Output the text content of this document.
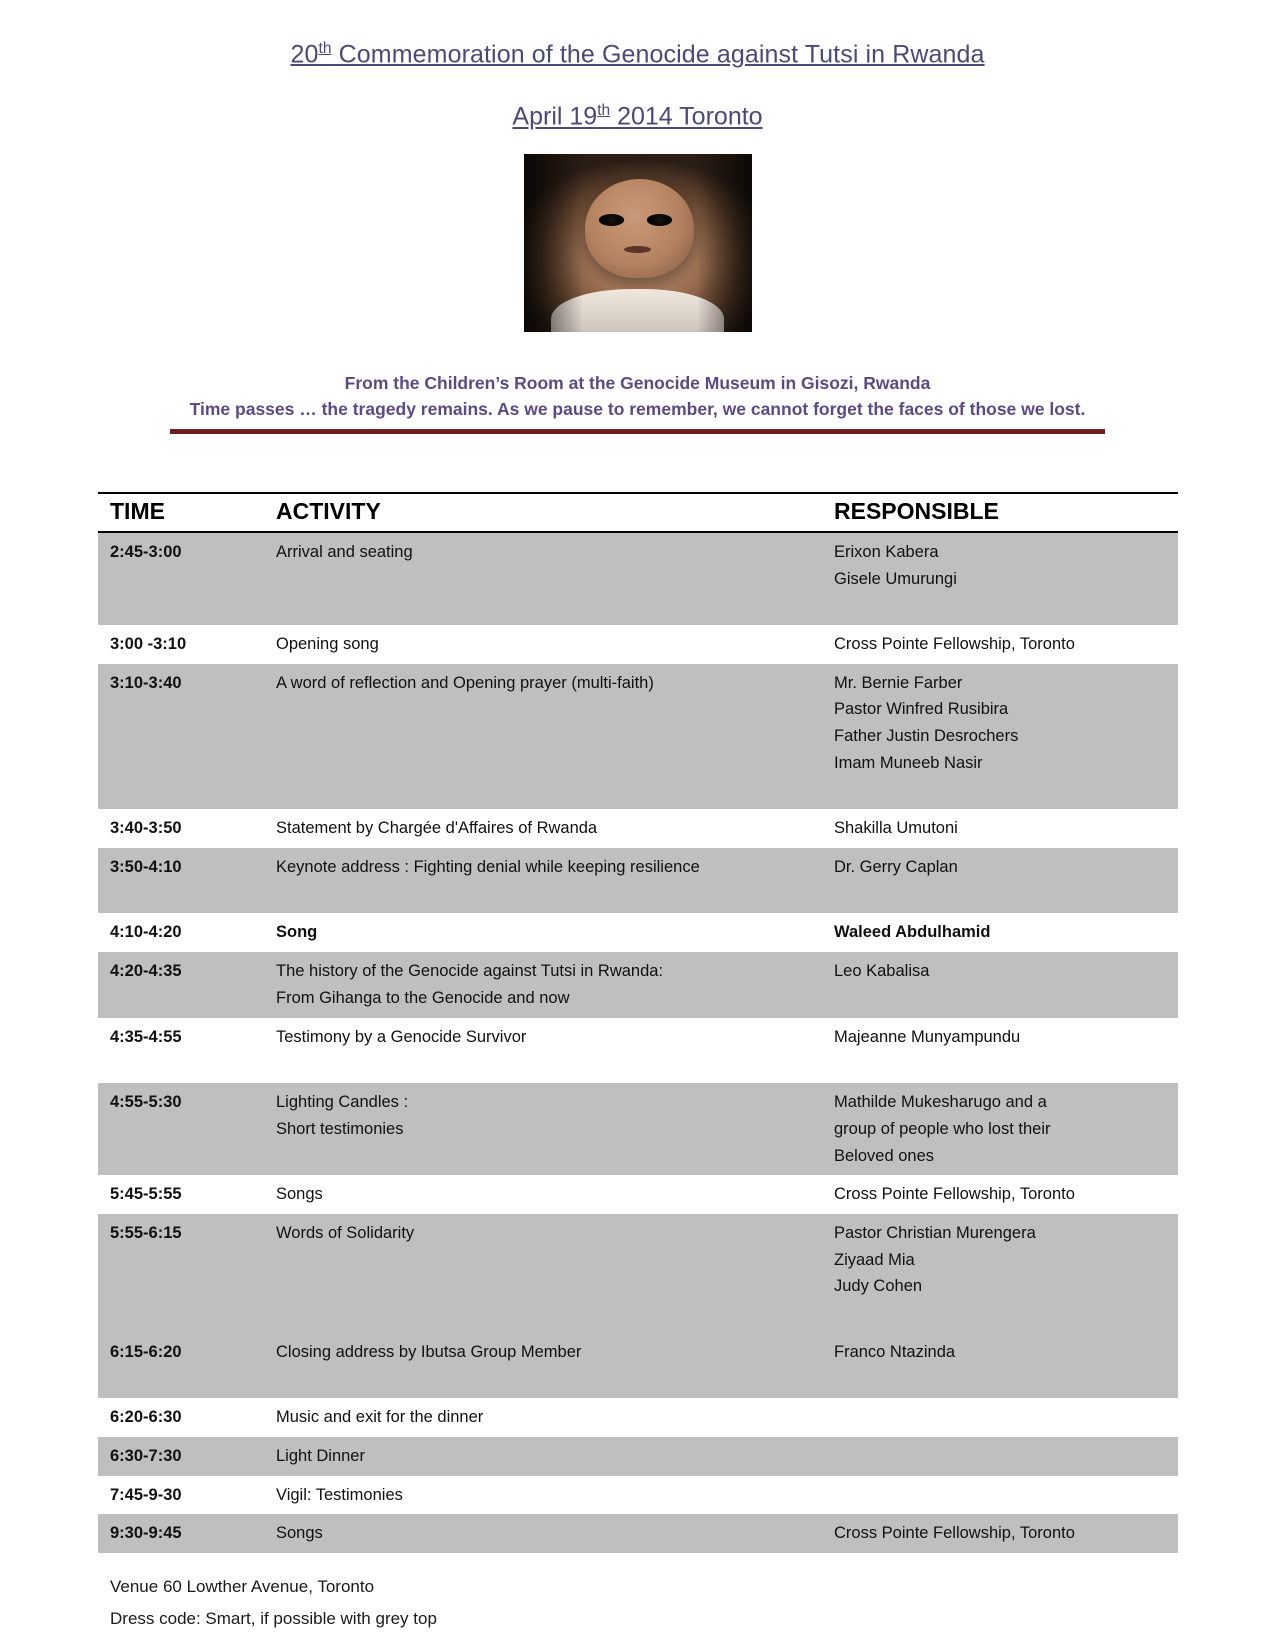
20th Commemoration of the Genocide against Tutsi in Rwanda
April 19th 2014 Toronto
From the Children’s Room at the Genocide Museum in Gisozi, Rwanda
Time passes … the tragedy remains. As we pause to remember, we cannot forget the faces of those we lost.
TIME	ACTIVITY	RESPONSIBLE
2:45-3:00	Arrival and seating	Erixon Kabera
Gisele Umurungi

3:00 -3:10	Opening song	Cross Pointe Fellowship, Toronto

3:10-3:40	A word of reflection and Opening prayer (multi-faith)	Mr. Bernie Farber
Pastor Winfred Rusibira
Father Justin Desrochers
Imam Muneeb Nasir

3:40-3:50	Statement by Chargée d'Affaires of Rwanda	Shakilla Umutoni

3:50-4:10	Keynote address : Fighting denial while keeping resilience	Dr. Gerry Caplan

4:10-4:20	Song	Waleed Abdulhamid

4:20-4:35	The history of the Genocide against Tutsi in Rwanda:
From Gihanga to the Genocide and now	Leo Kabalisa

4:35-4:55	Testimony by a Genocide Survivor	Majeanne Munyampundu

4:55-5:30	Lighting Candles :
Short testimonies	Mathilde Mukesharugo and a
group of people who lost their
Beloved ones

5:45-5:55	Songs	Cross Pointe Fellowship, Toronto

5:55-6:15	Words of Solidarity	Pastor Christian Murengera
Ziyaad Mia
Judy Cohen

6:15-6:20	Closing address by Ibutsa Group Member	Franco Ntazinda

6:20-6:30	Music and exit for the dinner	

6:30-7:30	Light Dinner	

7:45-9-30	Vigil: Testimonies	

9:30-9:45	Songs	Cross Pointe Fellowship, Toronto
Venue 60 Lowther Avenue, Toronto
Dress code: Smart, if possible with grey top
